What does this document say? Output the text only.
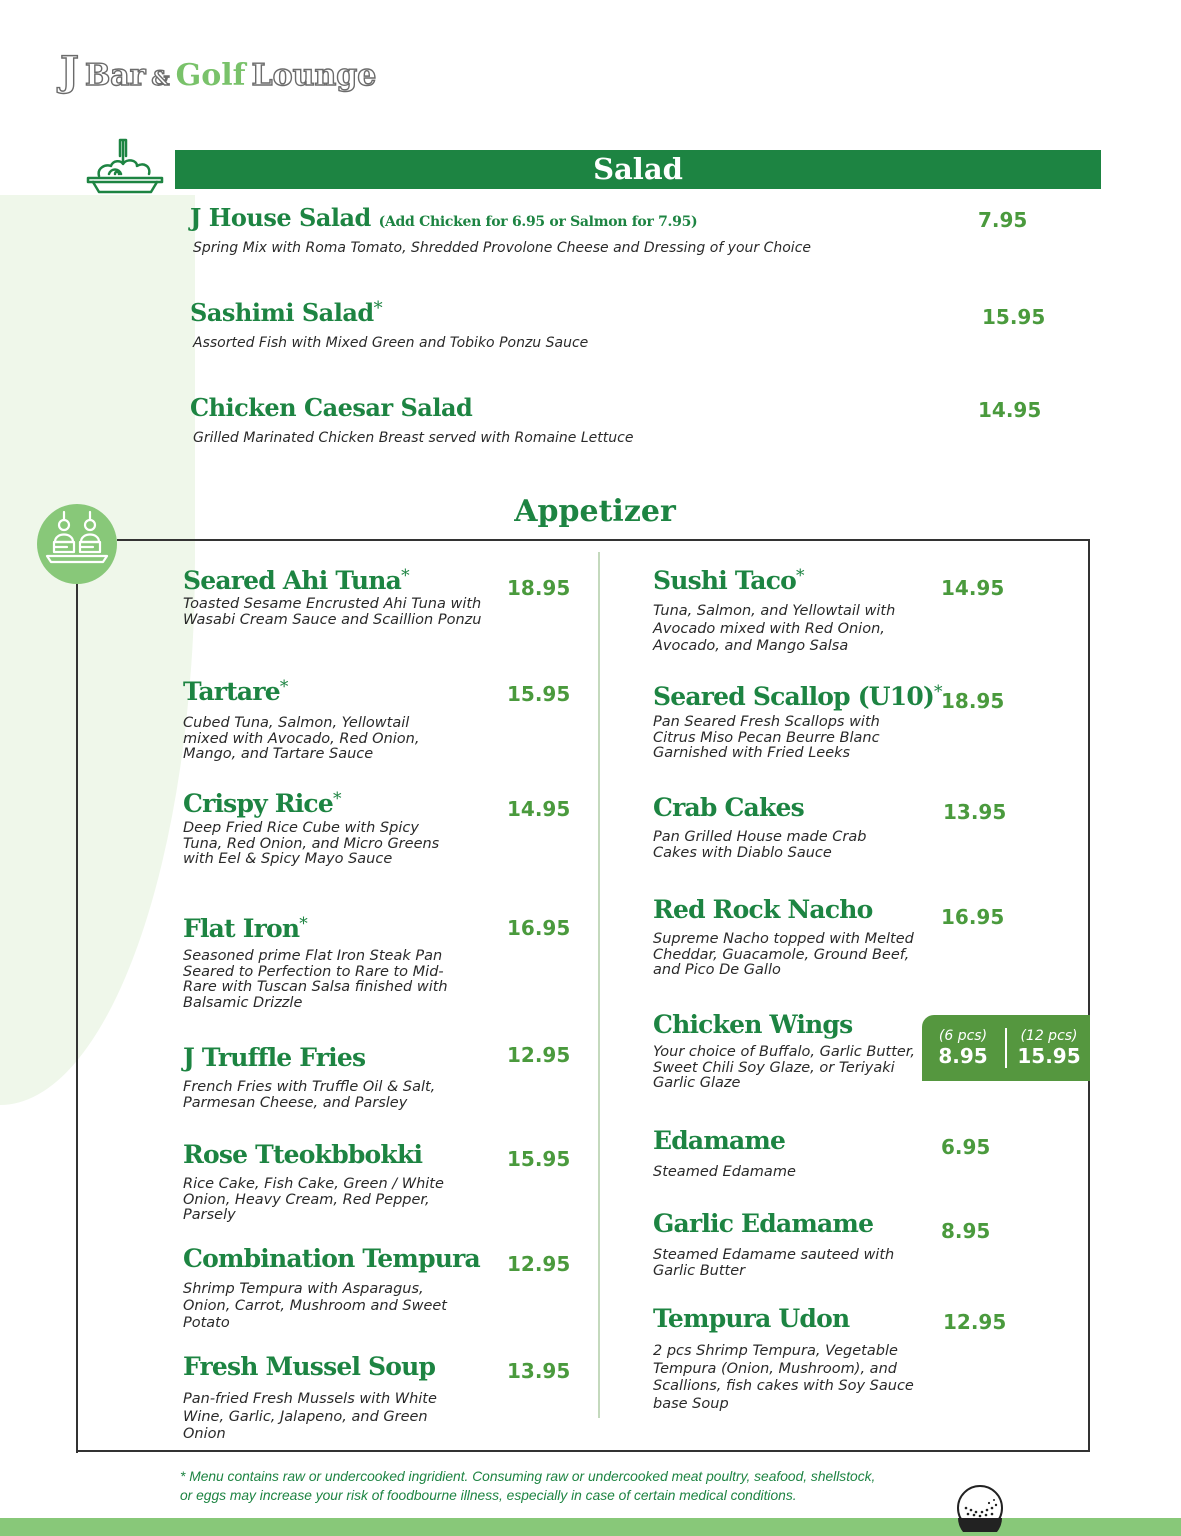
J Bar & Golf Lounge
Salad
J House Salad (Add Chicken for 6.95 or Salmon for 7.95)
Spring Mix with Roma Tomato, Shredded Provolone Cheese and Dressing of your Choice
7.95
Sashimi Salad*
Assorted Fish with Mixed Green and Tobiko Ponzu Sauce
15.95
Chicken Caesar Salad
Grilled Marinated Chicken Breast served with Romaine Lettuce
14.95
Appetizer
Seared Ahi Tuna*
Toasted Sesame Encrusted Ahi Tuna with Wasabi Cream Sauce and Scaillion Ponzu
18.95
Tartare*
Cubed Tuna, Salmon, Yellowtail mixed with Avocado, Red Onion, Mango, and Tartare Sauce
15.95
Crispy Rice*
Deep Fried Rice Cube with Spicy Tuna, Red Onion, and Micro Greens with Eel & Spicy Mayo Sauce
14.95
Flat Iron*
Seasoned prime Flat Iron Steak Pan Seared to Perfection to Rare to Mid-Rare with Tuscan Salsa finished with Balsamic Drizzle
16.95
J Truffle Fries
French Fries with Truffle Oil & Salt, Parmesan Cheese, and Parsley
12.95
Rose Tteokbbokki
Rice Cake, Fish Cake, Green / White Onion, Heavy Cream, Red Pepper, Parsely
15.95
Combination Tempura
Shrimp Tempura with Asparagus, Onion, Carrot, Mushroom and Sweet Potato
12.95
Fresh Mussel Soup
Pan-fried Fresh Mussels with White Wine, Garlic, Jalapeno, and Green Onion
13.95
Sushi Taco*
Tuna, Salmon, and Yellowtail with Avocado mixed with Red Onion, Avocado, and Mango Salsa
14.95
Seared Scallop (U10)*
Pan Seared Fresh Scallops with Citrus Miso Pecan Beurre Blanc Garnished with Fried Leeks
18.95
Crab Cakes
Pan Grilled House made Crab Cakes with Diablo Sauce
13.95
Red Rock Nacho
Supreme Nacho topped with Melted Cheddar, Guacamole, Ground Beef, and Pico De Gallo
16.95
Chicken Wings
Your choice of Buffalo, Garlic Butter, Sweet Chili Soy Glaze, or Teriyaki Garlic Glaze
(6 pcs)
8.95
(12 pcs)
15.95
Edamame
Steamed Edamame
6.95
Garlic Edamame
Steamed Edamame sauteed with Garlic Butter
8.95
Tempura Udon
2 pcs Shrimp Tempura, Vegetable Tempura (Onion, Mushroom), and Scallions, fish cakes with Soy Sauce base Soup
12.95
* Menu contains raw or undercooked ingridient. Consuming raw or undercooked meat poultry, seafood, shellstock,
or eggs may increase your risk of foodbourne illness, especially in case of certain medical conditions.
